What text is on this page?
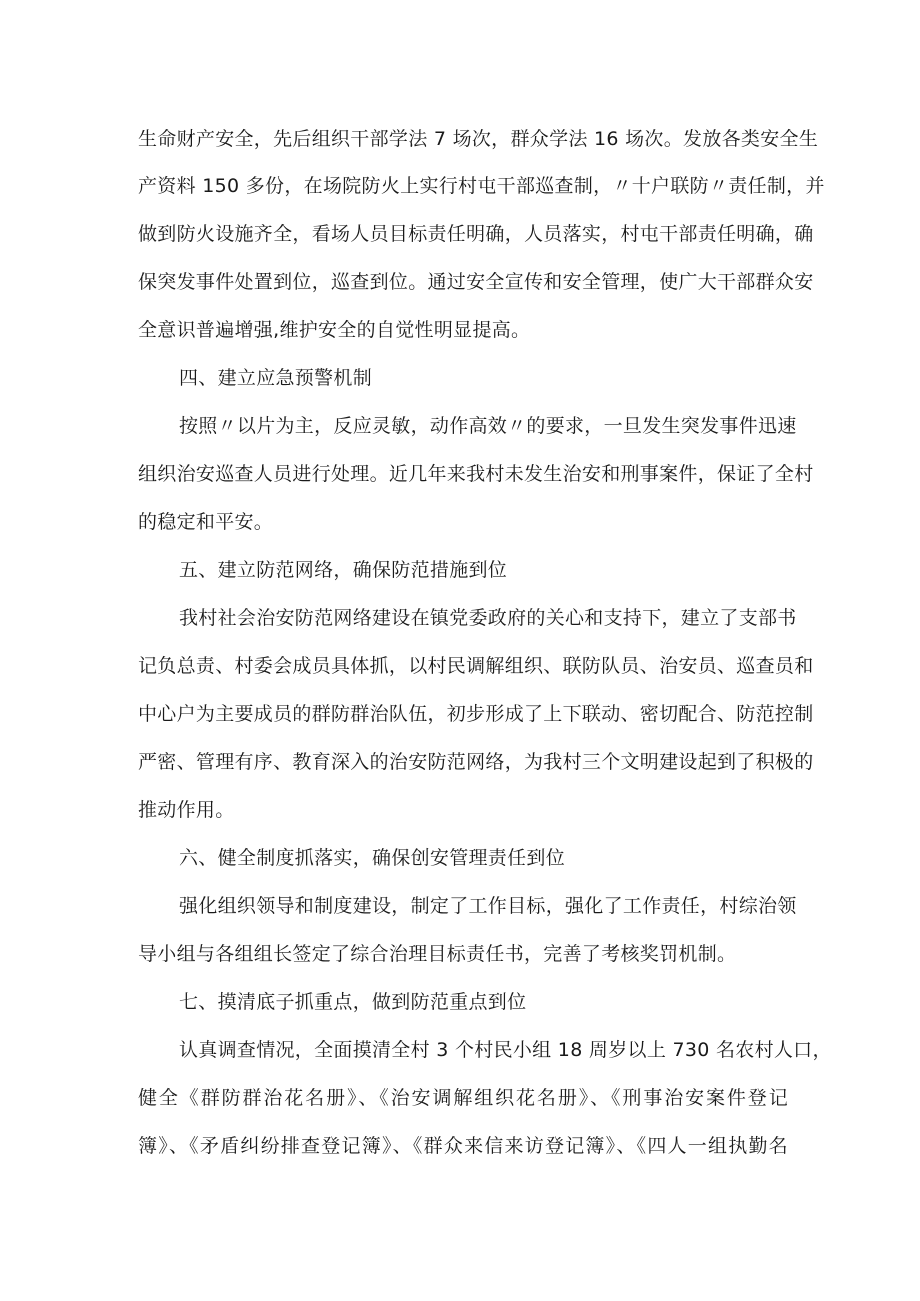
生命财产安全，先后组织干部学法 7 场次，群众学法 16 场次。发放各类安全生
产资料 150 多份，在场院防火上实行村屯干部巡查制，〃十户联防〃责任制，并
做到防火设施齐全，看场人员目标责任明确，人员落实，村屯干部责任明确，确
保突发事件处置到位，巡查到位。通过安全宣传和安全管理，使广大干部群众安
全意识普遍增强,维护安全的自觉性明显提高。
四、建立应急预警机制
按照〃以片为主，反应灵敏，动作高效〃的要求，一旦发生突发事件迅速
组织治安巡查人员进行处理。近几年来我村未发生治安和刑事案件，保证了全村
的稳定和平安。
五、建立防范网络，确保防范措施到位
我村社会治安防范网络建设在镇党委政府的关心和支持下，建立了支部书
记负总责、村委会成员具体抓，以村民调解组织、联防队员、治安员、巡查员和
中心户为主要成员的群防群治队伍，初步形成了上下联动、密切配合、防范控制
严密、管理有序、教育深入的治安防范网络，为我村三个文明建设起到了积极的
推动作用。
六、健全制度抓落实，确保创安管理责任到位
强化组织领导和制度建设，制定了工作目标，强化了工作责任，村综治领
导小组与各组组长签定了综合治理目标责任书，完善了考核奖罚机制。
七、摸清底子抓重点，做到防范重点到位
认真调查情况，全面摸清全村 3 个村民小组 18 周岁以上 730 名农村人口，
健全《群防群治花名册》、《治安调解组织花名册》、《刑事治安案件登记
簿》、《矛盾纠纷排查登记簿》、《群众来信来访登记簿》、《四人一组执勤名
